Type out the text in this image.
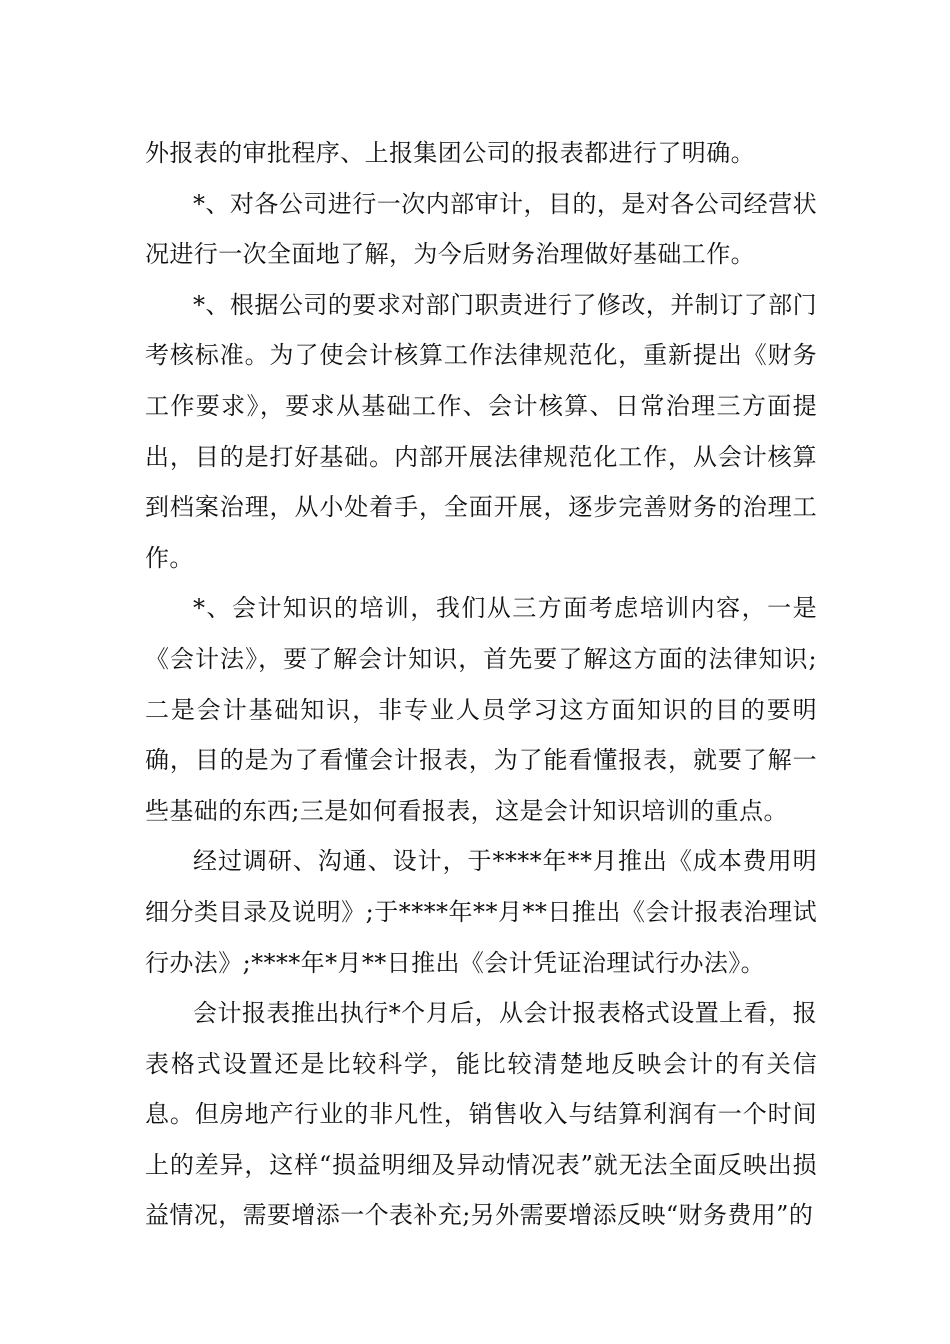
外报表的审批程序、上报集团公司的报表都进行了明确。

*、对各公司进行一次内部审计，目的，是对各公司经营状况进行一次全面地了解，为今后财务治理做好基础工作。

*、根据公司的要求对部门职责进行了修改，并制订了部门考核标准。为了使会计核算工作法律规范化，重新提出《财务工作要求》，要求从基础工作、会计核算、日常治理三方面提出，目的是打好基础。内部开展法律规范化工作，从会计核算到档案治理，从小处着手，全面开展，逐步完善财务的治理工作。

*、会计知识的培训，我们从三方面考虑培训内容，一是《会计法》，要了解会计知识，首先要了解这方面的法律知识;二是会计基础知识，非专业人员学习这方面知识的目的要明确，目的是为了看懂会计报表，为了能看懂报表，就要了解一些基础的东西;三是如何看报表，这是会计知识培训的重点。

经过调研、沟通、设计，于****年**月推出《成本费用明细分类目录及说明》;于****年**月**日推出《会计报表治理试行办法》;****年*月**日推出《会计凭证治理试行办法》。

会计报表推出执行*个月后，从会计报表格式设置上看，报表格式设置还是比较科学，能比较清楚地反映会计的有关信息。但房地产行业的非凡性，销售收入与结算利润有一个时间上的差异，这样“损益明细及异动情况表”就无法全面反映出损益情况，需要增添一个表补充;另外需要增添反映“财务费用”的
